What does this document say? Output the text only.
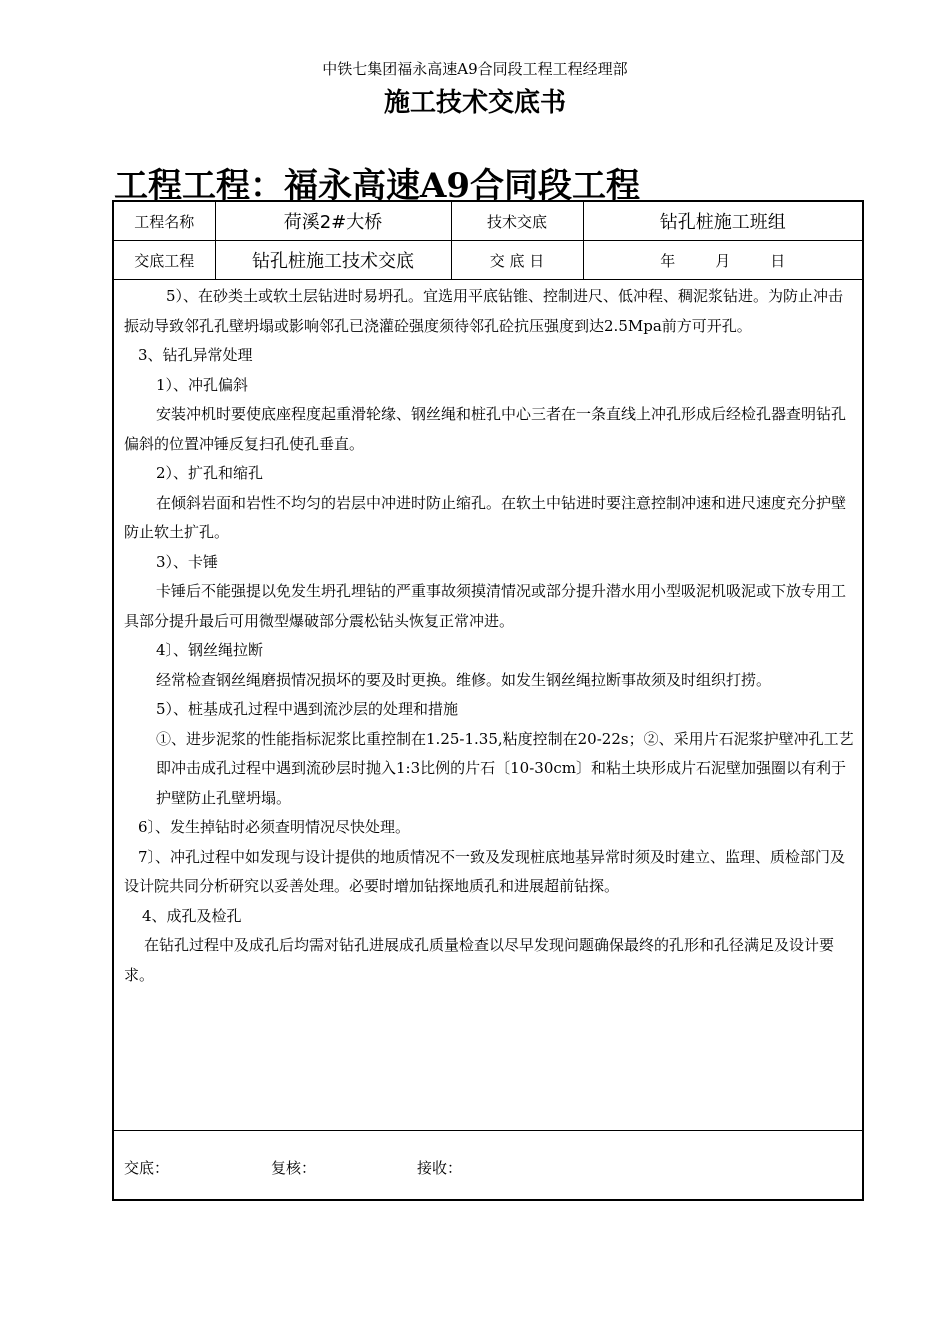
中铁七集团福永高速A9合同段工程工程经理部
施工技术交底书
工程工程：福永高速A9合同段工程
工程名称	荷溪2#大桥	技术交底	钻孔桩施工班组
交底工程	钻孔桩施工技术交底	交 底 日	年 月 日

5）、在砂类土或软土层钻进时易坍孔。宜选用平底钻锥、控制进尺、低冲程、稠泥浆钻进。为防止冲击振动导致邻孔孔壁坍塌或影响邻孔已浇灌砼强度须待邻孔砼抗压强度到达2.5Mpa前方可开孔。

3、钻孔异常处理

1）、冲孔偏斜

安装冲机时要使底座程度起重滑轮缘、钢丝绳和桩孔中心三者在一条直线上冲孔形成后经检孔器查明钻孔偏斜的位置冲锤反复扫孔使孔垂直。

2）、扩孔和缩孔

在倾斜岩面和岩性不均匀的岩层中冲进时防止缩孔。在软土中钻进时要注意控制冲速和进尺速度充分护壁防止软土扩孔。

3）、卡锤

卡锤后不能强提以免发生坍孔埋钻的严重事故须摸清情况或部分提升潜水用小型吸泥机吸泥或下放专用工具部分提升最后可用微型爆破部分震松钻头恢复正常冲进。

4〕、钢丝绳拉断

经常检查钢丝绳磨损情况损坏的要及时更换。维修。如发生钢丝绳拉断事故须及时组织打捞。

5）、桩基成孔过程中遇到流沙层的处理和措施

①、进步泥浆的性能指标泥浆比重控制在1.25-1.35,粘度控制在20-22s；②、采用片石泥浆护壁冲孔工艺即冲击成孔过程中遇到流砂层时抛入1:3比例的片石〔10-30cm〕和粘土块形成片石泥壁加强圈以有利于护壁防止孔壁坍塌。

6〕、发生掉钻时必须查明情况尽快处理。

7〕、冲孔过程中如发现与设计提供的地质情况不一致及发现桩底地基异常时须及时建立、监理、质检部门及设计院共同分析研究以妥善处理。必要时增加钻探地质孔和进展超前钻探。

4、成孔及检孔

在钻孔过程中及成孔后均需对钻孔进展成孔质量检查以尽早发现问题确保最终的孔形和孔径满足及设计要求。

交底：	复核：	接收：
